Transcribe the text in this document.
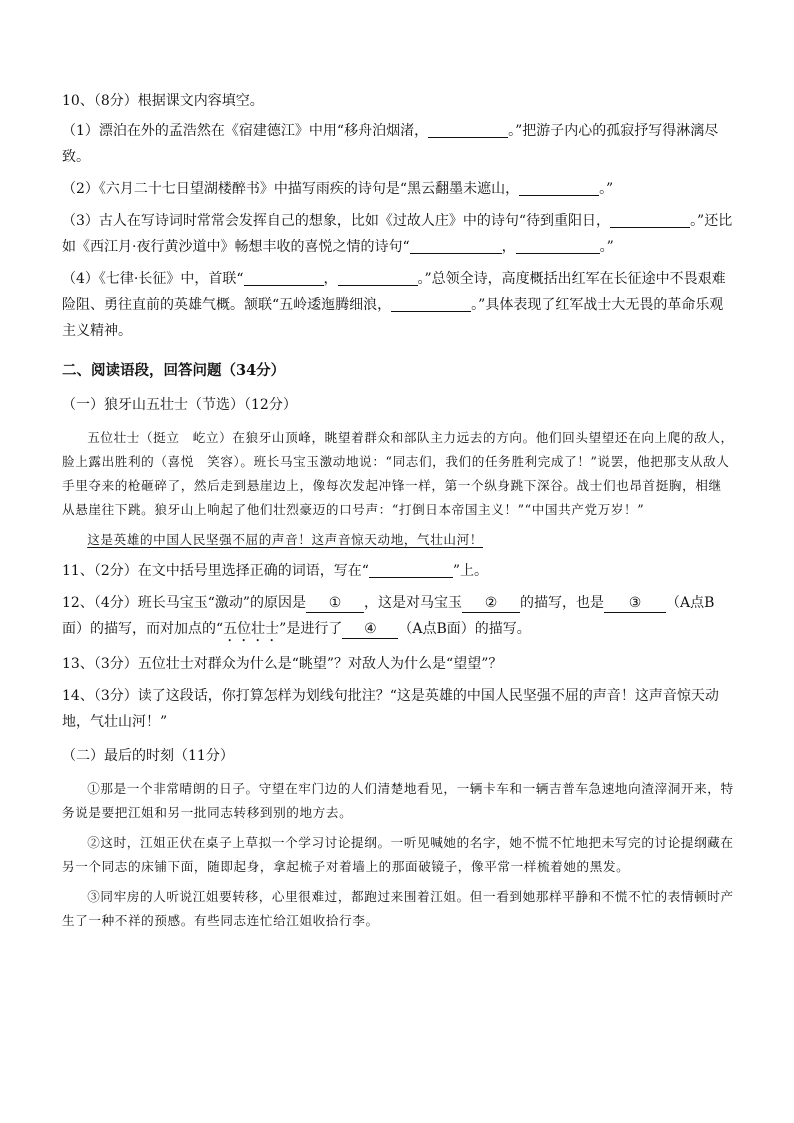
10、（8分）根据课文内容填空。

（1）漂泊在外的孟浩然在《宿建德江》中用“移舟泊烟渚，	。”把游子内心的孤寂抒写得淋漓尽致。

（2）《六月二十七日望湖楼醉书》中描写雨疾的诗句是“黑云翻墨未遮山，	。”

（3）古人在写诗词时常常会发挥自己的想象，比如《过故人庄》中的诗句“待到重阳日，	。”还比如《西江月·夜行黄沙道中》畅想丰收的喜悦之情的诗句“	，	。”

（4）《七律·长征》中，首联“	，	。”总领全诗，高度概括出红军在长征途中不畏艰难险阻、勇往直前的英雄气概。颔联“五岭逶迤腾细浪，	。”具体表现了红军战士大无畏的革命乐观主义精神。

二、阅读语段，回答问题（34分）
（一）狼牙山五壮士（节选）（12分）

五位壮士（挺立　屹立）在狼牙山顶峰，眺望着群众和部队主力远去的方向。他们回头望望还在向上爬的敌人，脸上露出胜利的（喜悦　笑容）。班长马宝玉激动地说：“同志们，我们的任务胜利完成了！”说罢，他把那支从敌人手里夺来的枪砸碎了，然后走到悬崖边上，像每次发起冲锋一样，第一个纵身跳下深谷。战士们也昂首挺胸，相继从悬崖往下跳。狼牙山上响起了他们壮烈豪迈的口号声：“打倒日本帝国主义！”“中国共产党万岁！”

这是英雄的中国人民坚强不屈的声音！这声音惊天动地，气壮山河！

11、（2分）在文中括号里选择正确的词语，写在“	”上。

12、（4分）班长马宝玉“激动”的原因是 ① ，这是对马宝玉 ② 的描写，也是 ③ （A点B面）的描写，而对加点的“五位壮士”是进行了 ④ （A点B面）的描写。

13、（3分）五位壮士对群众为什么是“眺望”？对敌人为什么是“望望”？

14、（3分）读了这段话，你打算怎样为划线句批注？“这是英雄的中国人民坚强不屈的声音！这声音惊天动地，气壮山河！”

（二）最后的时刻（11分）

①那是一个非常晴朗的日子。守望在牢门边的人们清楚地看见，一辆卡车和一辆吉普车急速地向渣滓洞开来，特务说是要把江姐和另一批同志转移到别的地方去。

②这时，江姐正伏在桌子上草拟一个学习讨论提纲。一听见喊她的名字，她不慌不忙地把未写完的讨论提纲藏在另一个同志的床铺下面，随即起身，拿起梳子对着墙上的那面破镜子，像平常一样梳着她的黑发。

③同牢房的人听说江姐要转移，心里很难过，都跑过来围着江姐。但一看到她那样平静和不慌不忙的表情顿时产生了一种不祥的预感。有些同志连忙给江姐收拾行李。
